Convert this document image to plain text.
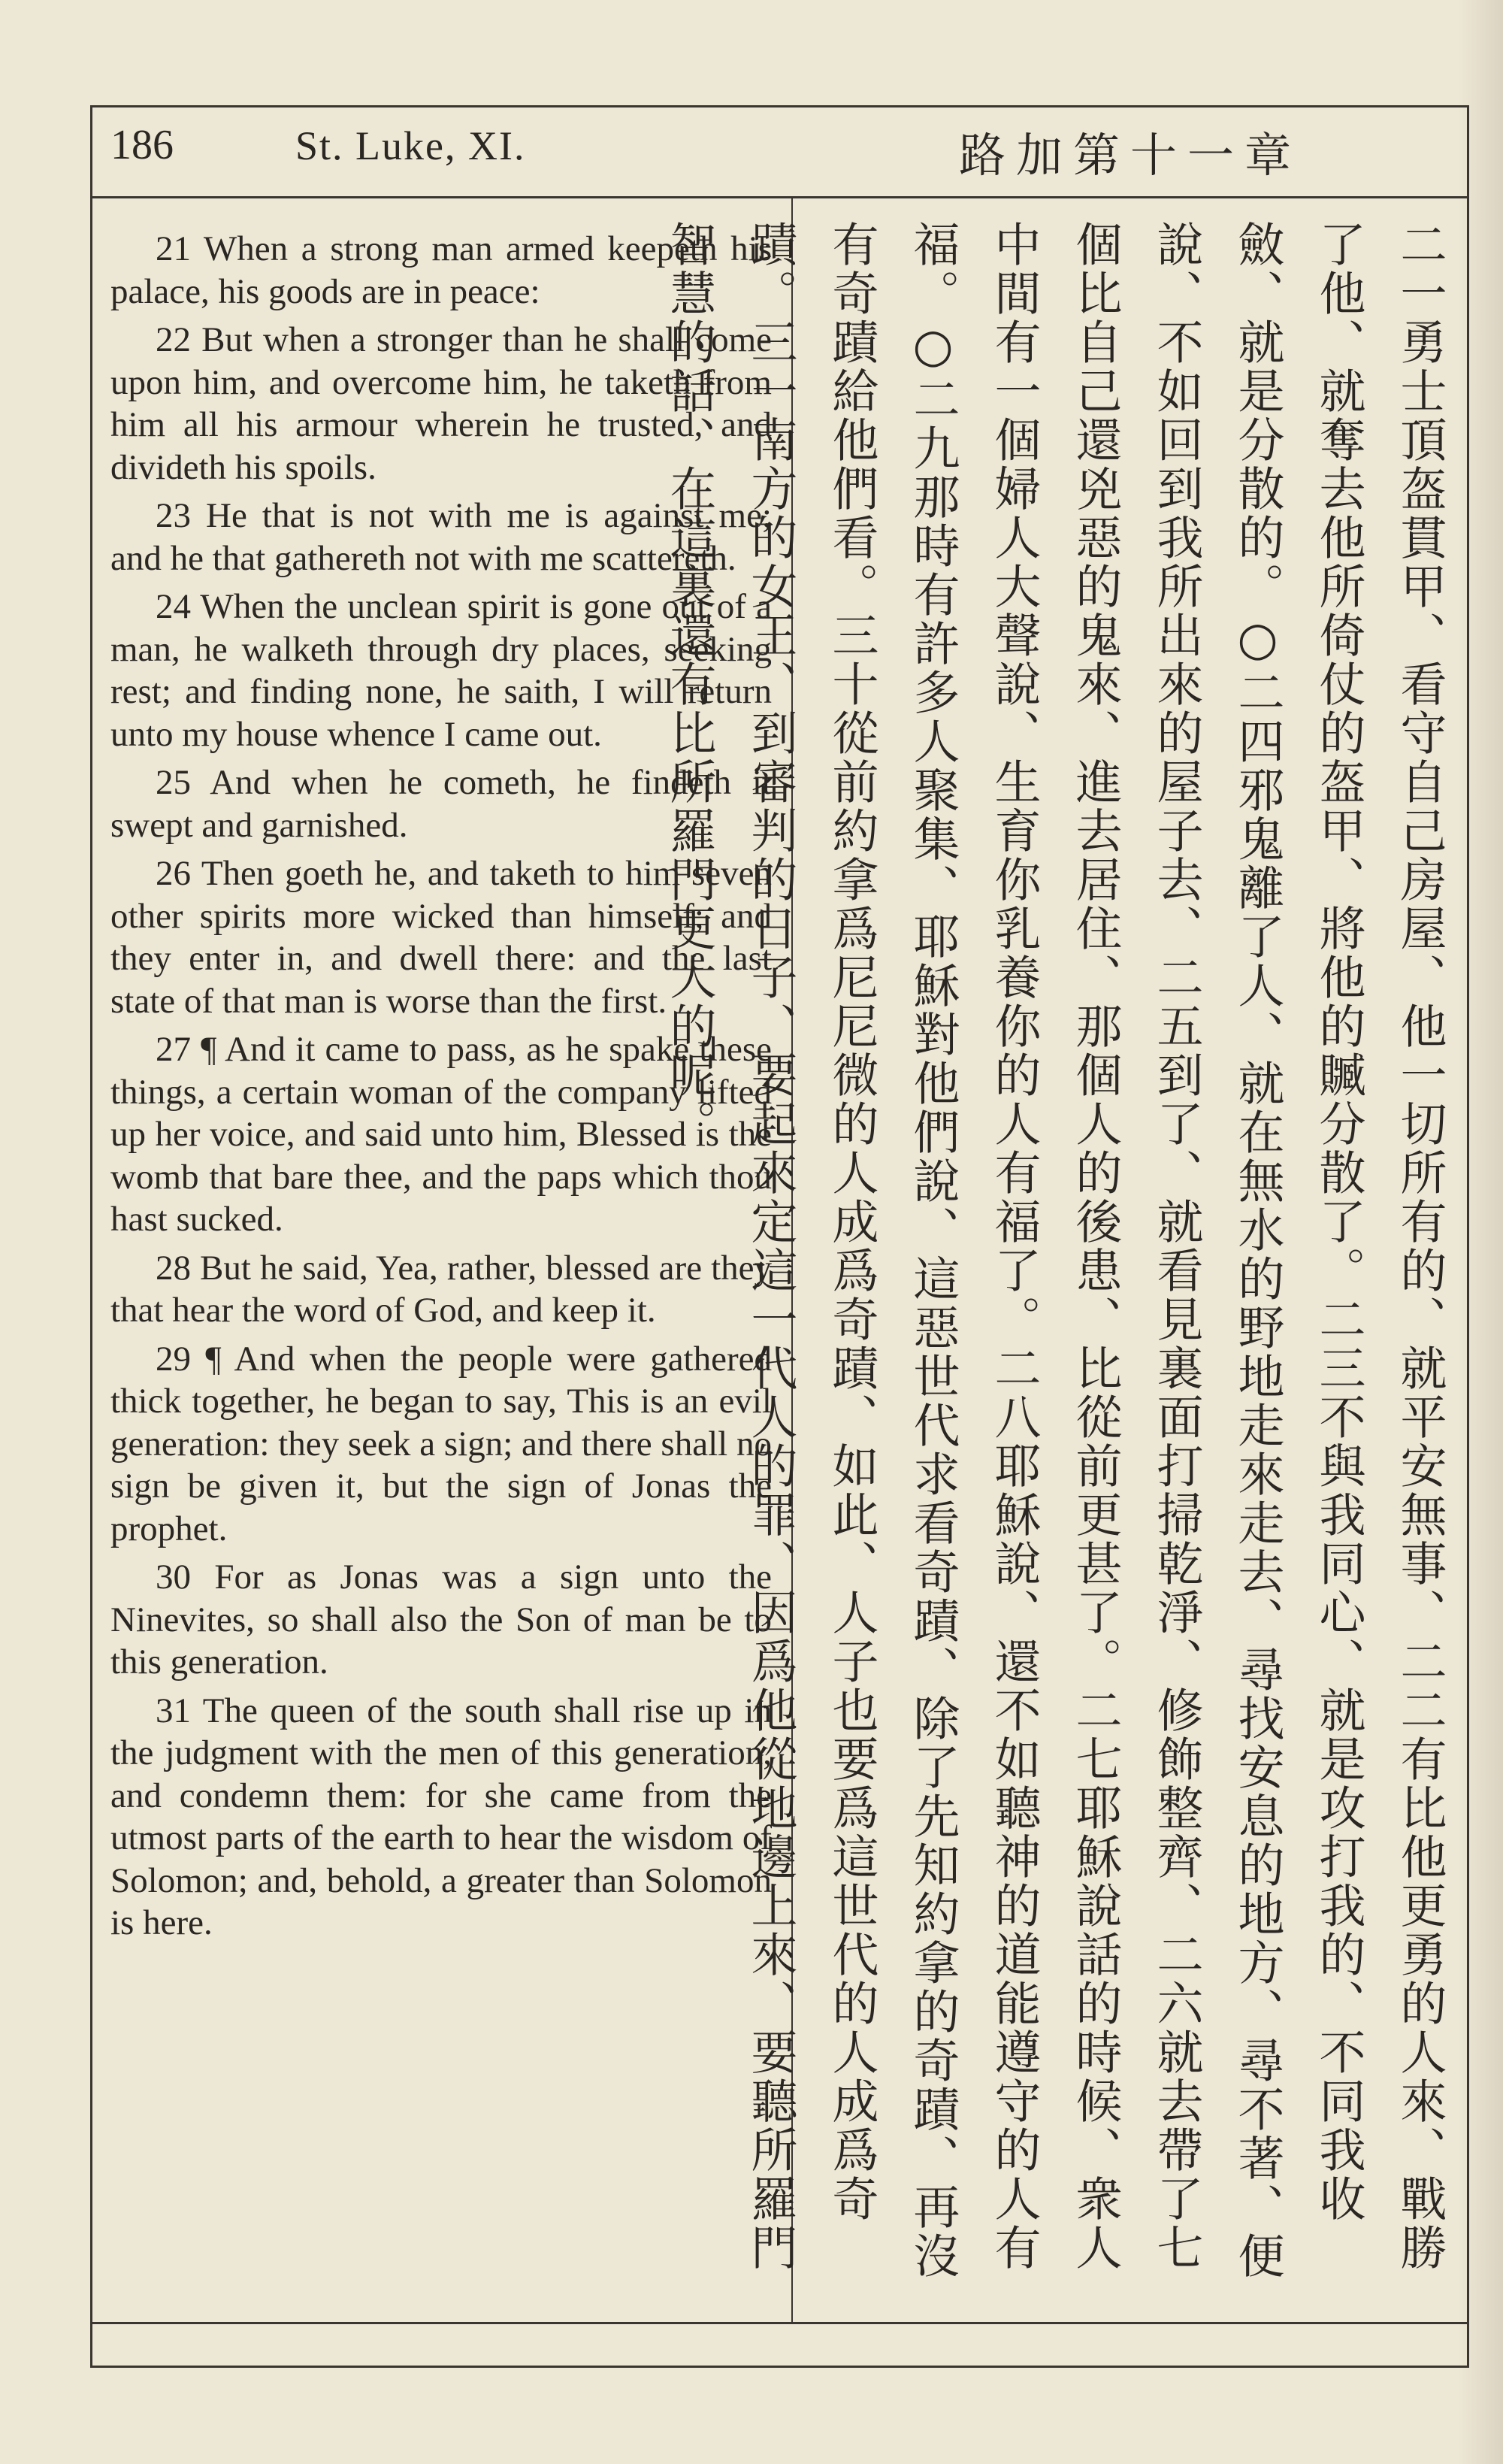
186	St. Luke, XI.	路加第十一章

21 When a strong man armed keepeth his palace, his goods are in peace:

22 But when a stronger than he shall come upon him, and overcome him, he taketh from him all his armour wherein he trusted, and divideth his spoils.

23 He that is not with me is against me; and he that gathereth not with me scattereth.

24 When the unclean spirit is gone out of a man, he walketh through dry places, seeking rest; and finding none, he saith, I will return unto my house whence I came out.

25 And when he cometh, he findeth it swept and garnished.

26 Then goeth he, and taketh to him seven other spirits more wicked than himself; and they enter in, and dwell there: and the last state of that man is worse than the first.

27 ¶ And it came to pass, as he spake these things, a certain woman of the company lifted up her voice, and said unto him, Blessed is the womb that bare thee, and the paps which thou hast sucked.

28 But he said, Yea, rather, blessed are they that hear the word of God, and keep it.

29 ¶ And when the people were gathered thick together, he began to say, This is an evil generation: they seek a sign; and there shall no sign be given it, but the sign of Jonas the prophet.

30 For as Jonas was a sign unto the Ninevites, so shall also the Son of man be to this generation.

31 The queen of the south shall rise up in the judgment with the men of this generation, and condemn them: for she came from the utmost parts of the earth to hear the wisdom of Solomon; and, behold, a greater than Solomon is here.	二一勇士頂盔貫甲、看守自己房屋、他一切所有的、就平安無事、二二有比他更勇的人來、戰勝了他、就奪去他所倚仗的盔甲、將他的贓分散了。二三不與我同心、就是攻打我的、不同我收斂、就是分散的。○二四邪鬼離了人、就在無水的野地走來走去、尋找安息的地方、尋不著、便說、不如回到我所出來的屋子去、二五到了、就看見裏面打掃乾淨、修飾整齊、二六就去帶了七個比自己還兇惡的鬼來、進去居住、那個人的後患、比從前更甚了。二七耶穌說話的時候、衆人中間有一個婦人大聲說、生育你乳養你的人有福了。二八耶穌說、還不如聽神的道能遵守的人有福。○二九那時有許多人聚集、耶穌對他們說、這惡世代求看奇蹟、除了先知約拿的奇蹟、再沒有奇蹟給他們看。三十從前約拿爲尼尼微的人成爲奇蹟、如此、人子也要爲這世代的人成爲奇蹟。三一南方的女王、到審判的日子、要起來定這一代人的罪、因爲他從地邊上來、要聽所羅門智慧的話、在這裏還有比所羅門更大的呢。
